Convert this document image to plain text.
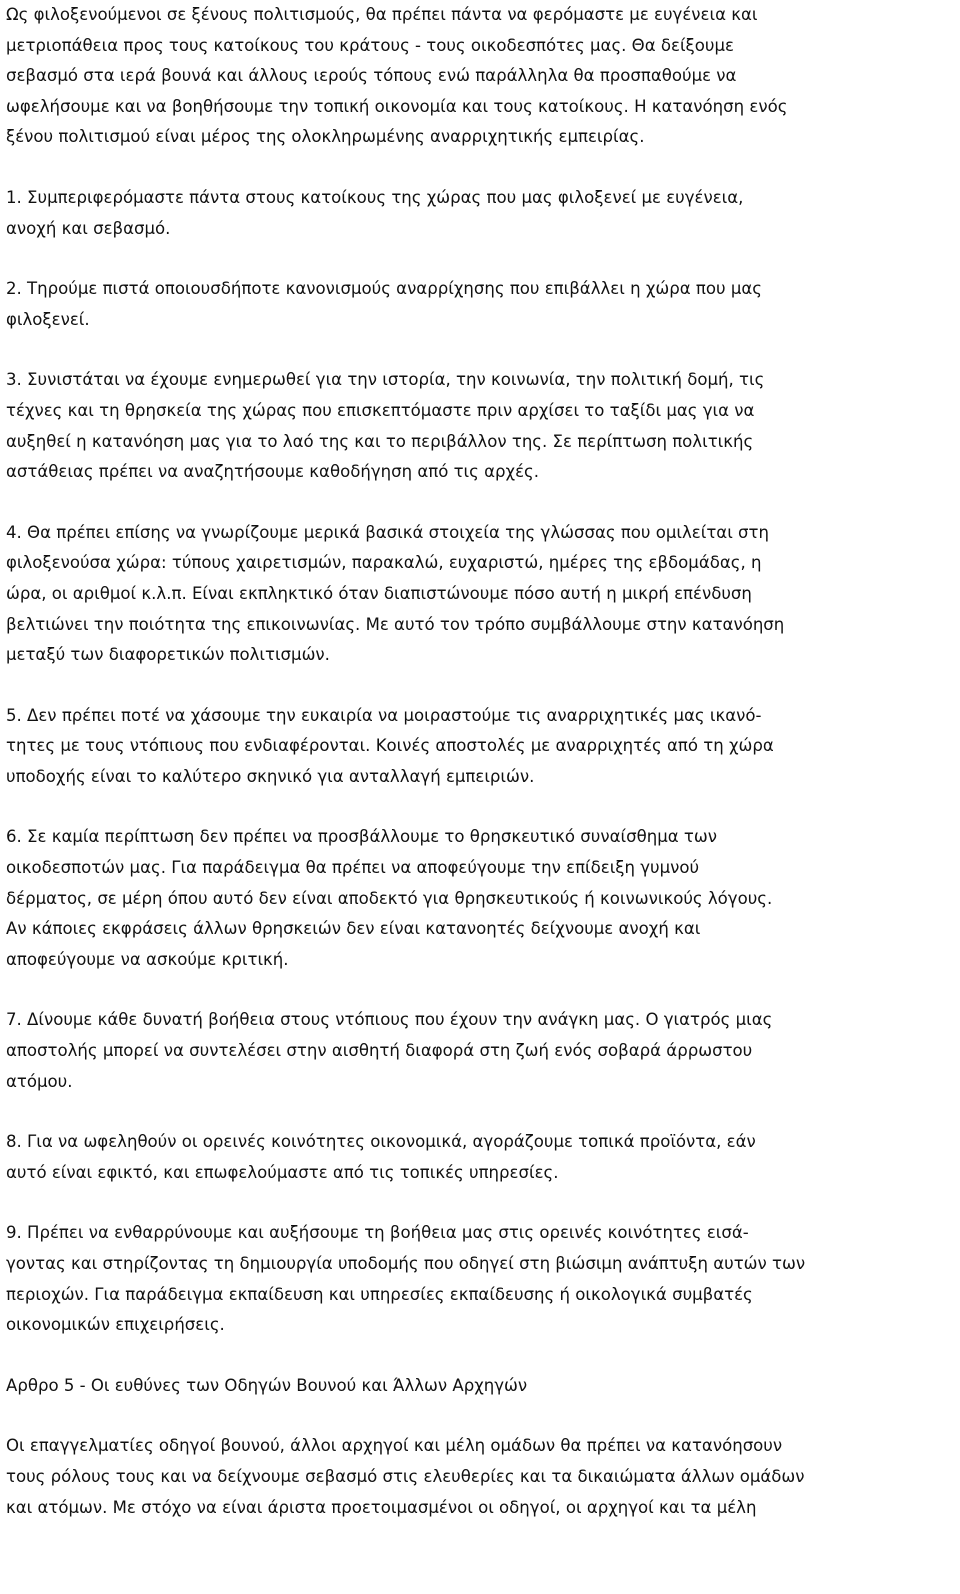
Ως φιλοξενούμενοι σε ξένους πολιτισμούς, θα πρέπει πάντα να φερόμαστε με ευγένεια και
μετριοπάθεια προς τους κατοίκους του κράτους - τους οικοδεσπότες μας. Θα δείξουμε
σεβασμό στα ιερά βουνά και άλλους ιερούς τόπους ενώ παράλληλα θα προσπαθούμε να
ωφελήσουμε και να βοηθήσουμε την τοπική οικονομία και τους κατοίκους. Η κατανόηση ενός
ξένου πολιτισμού είναι μέρος της ολοκληρωμένης αναρριχητικής εμπειρίας.
1. Συμπεριφερόμαστε πάντα στους κατοίκους της χώρας που μας φιλοξενεί με ευγένεια,
ανοχή και σεβασμό.
2. Τηρούμε πιστά οποιουσδήποτε κανονισμούς αναρρίχησης που επιβάλλει η χώρα που μας
φιλοξενεί.
3. Συνιστάται να έχουμε ενημερωθεί για την ιστορία, την κοινωνία, την πολιτική δομή, τις
τέχνες και τη θρησκεία της χώρας που επισκεπτόμαστε πριν αρχίσει το ταξίδι μας για να
αυξηθεί η κατανόηση μας για το λαό της και το περιβάλλον της. Σε περίπτωση πολιτικής
αστάθειας πρέπει να αναζητήσουμε καθοδήγηση από τις αρχές.
4. Θα πρέπει επίσης να γνωρίζουμε μερικά βασικά στοιχεία της γλώσσας που ομιλείται στη
φιλοξενούσα χώρα: τύπους χαιρετισμών, παρακαλώ, ευχαριστώ, ημέρες της εβδομάδας, η
ώρα, οι αριθμοί κ.λ.π. Είναι εκπληκτικό όταν διαπιστώνουμε πόσο αυτή η μικρή επένδυση
βελτιώνει την ποιότητα της επικοινωνίας. Με αυτό τον τρόπο συμβάλλουμε στην κατανόηση
μεταξύ των διαφορετικών πολιτισμών.
5. Δεν πρέπει ποτέ να χάσουμε την ευκαιρία να μοιραστούμε τις αναρριχητικές μας ικανό-
τητες με τους ντόπιους που ενδιαφέρονται. Κοινές αποστολές με αναρριχητές από τη χώρα
υποδοχής είναι το καλύτερο σκηνικό για ανταλλαγή εμπειριών.
6. Σε καμία περίπτωση δεν πρέπει να προσβάλλουμε το θρησκευτικό συναίσθημα των
οικοδεσποτών μας. Για παράδειγμα θα πρέπει να αποφεύγουμε την επίδειξη γυμνού
δέρματος, σε μέρη όπου αυτό δεν είναι αποδεκτό για θρησκευτικούς ή κοινωνικούς λόγους.
Αν κάποιες εκφράσεις άλλων θρησκειών δεν είναι κατανοητές δείχνουμε ανοχή και
αποφεύγουμε να ασκούμε κριτική.
7. Δίνουμε κάθε δυνατή βοήθεια στους ντόπιους που έχουν την ανάγκη μας. Ο γιατρός μιας
αποστολής μπορεί να συντελέσει στην αισθητή διαφορά στη ζωή ενός σοβαρά άρρωστου
ατόμου.
8. Για να ωφεληθούν οι ορεινές κοινότητες οικονομικά, αγοράζουμε τοπικά προϊόντα, εάν
αυτό είναι εφικτό, και επωφελούμαστε από τις τοπικές υπηρεσίες.
9. Πρέπει να ενθαρρύνουμε και αυξήσουμε τη βοήθεια μας στις ορεινές κοινότητες εισά-
γοντας και στηρίζοντας τη δημιουργία υποδομής που οδηγεί στη βιώσιμη ανάπτυξη αυτών των
περιοχών. Για παράδειγμα εκπαίδευση και υπηρεσίες εκπαίδευσης ή οικολογικά συμβατές
οικονομικών επιχειρήσεις.
Αρθρο 5 - Οι ευθύνες των Οδηγών Βουνού και Άλλων Αρχηγών
Οι επαγγελματίες οδηγοί βουνού, άλλοι αρχηγοί και μέλη ομάδων θα πρέπει να κατανόησουν
τους ρόλους τους και να δείχνουμε σεβασμό στις ελευθερίες και τα δικαιώματα άλλων ομάδων
και ατόμων. Με στόχο να είναι άριστα προετοιμασμένοι οι οδηγοί, οι αρχηγοί και τα μέλη
